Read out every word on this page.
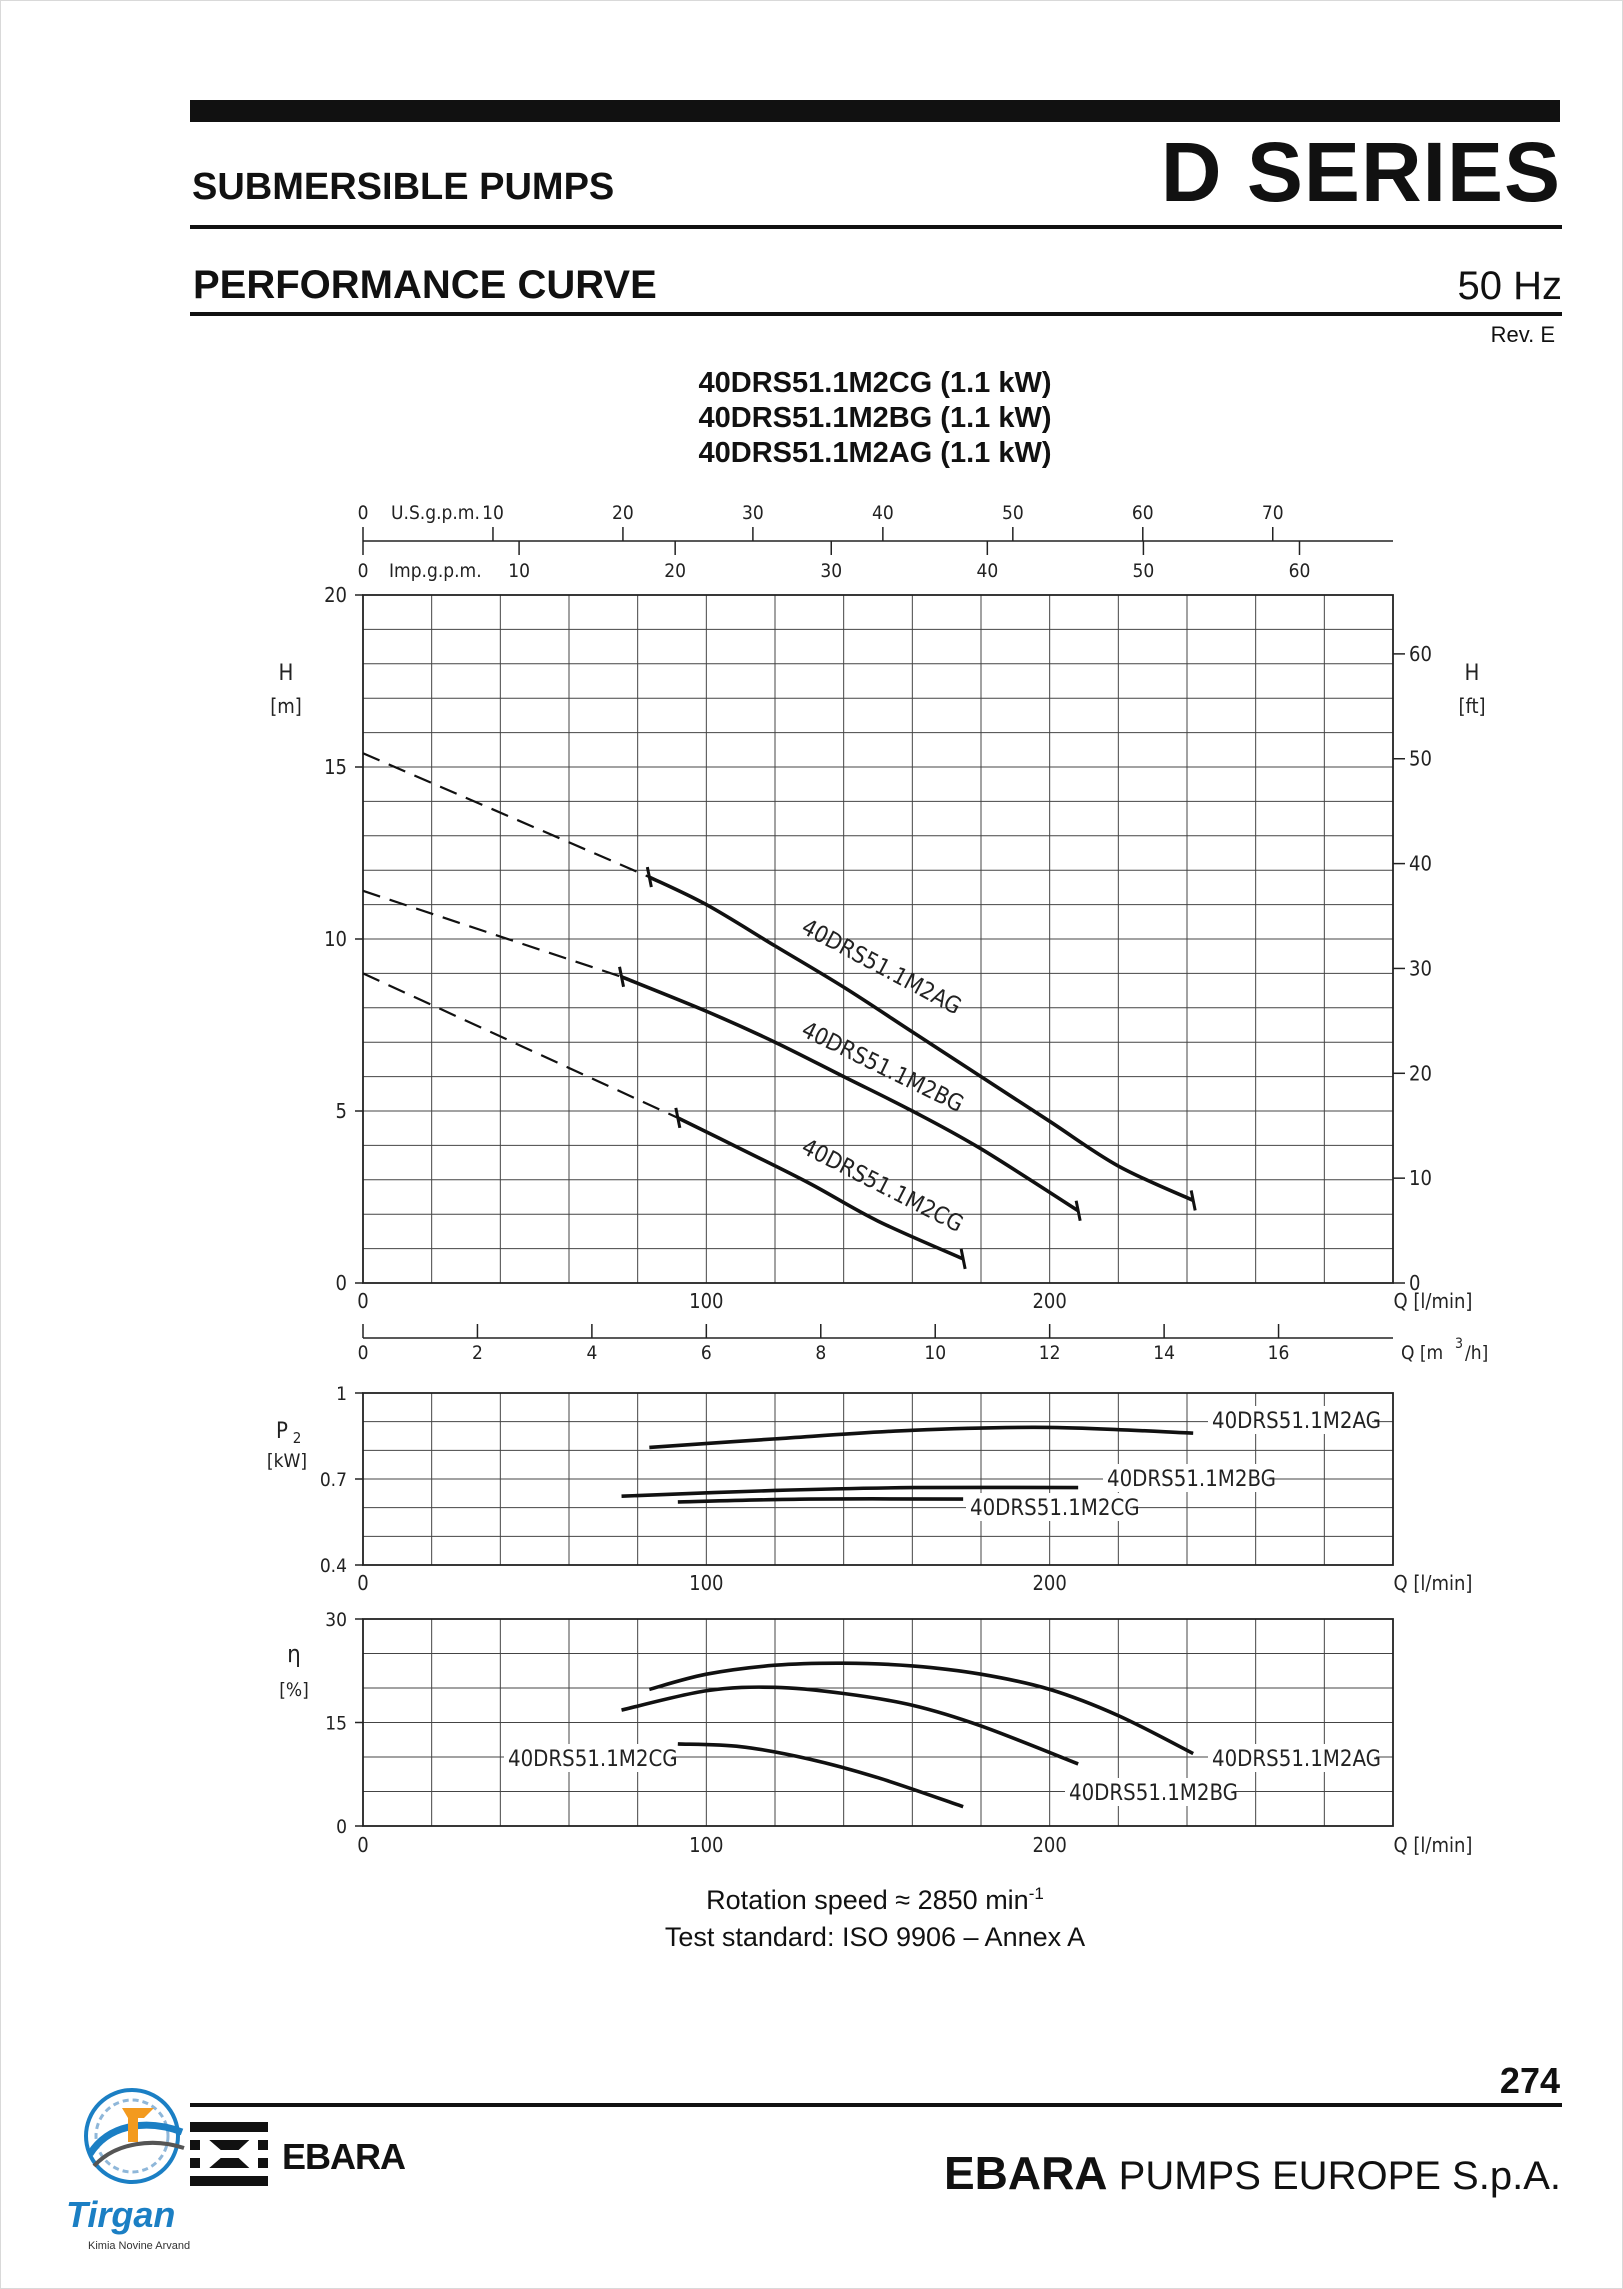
SUBMERSIBLE PUMPS	D SERIES
PERFORMANCE CURVE	50 Hz
Rev. E
40DRS51.1M2CG (1.1 kW)
40DRS51.1M2BG (1.1 kW)
40DRS51.1M2AG (1.1 kW)
0
5
10
15
20
H
[m]
0
10
20
30
40
50
60
H
[ft]
0	100	200	Q [l/min]
0	10	20	30	40	50	60	70
U.S.g.p.m.
0	10	20	30	40	50	60
Imp.g.p.m.
0	2	4	6	8	10	12	14	16	Q [m 3 /h]
40DRS51.1M2AG
40DRS51.1M2BG
40DRS51.1M2CG
0.4
0.7
1
P 2
[kW]
0	100	200	Q [l/min]
40DRS51.1M2AG
40DRS51.1M2BG
40DRS51.1M2CG
0
15
30
η
[%]
0	100	200	Q [l/min]
40DRS51.1M2AG
40DRS51.1M2BG
40DRS51.1M2CG
Rotation speed ≈ 2850 $\min^{-1}$
Test standard: ISO 9906 – Annex A
274
EBARA	EBARA PUMPS EUROPE S.p.A.
Tirgan
Kimia Novine Arvand
